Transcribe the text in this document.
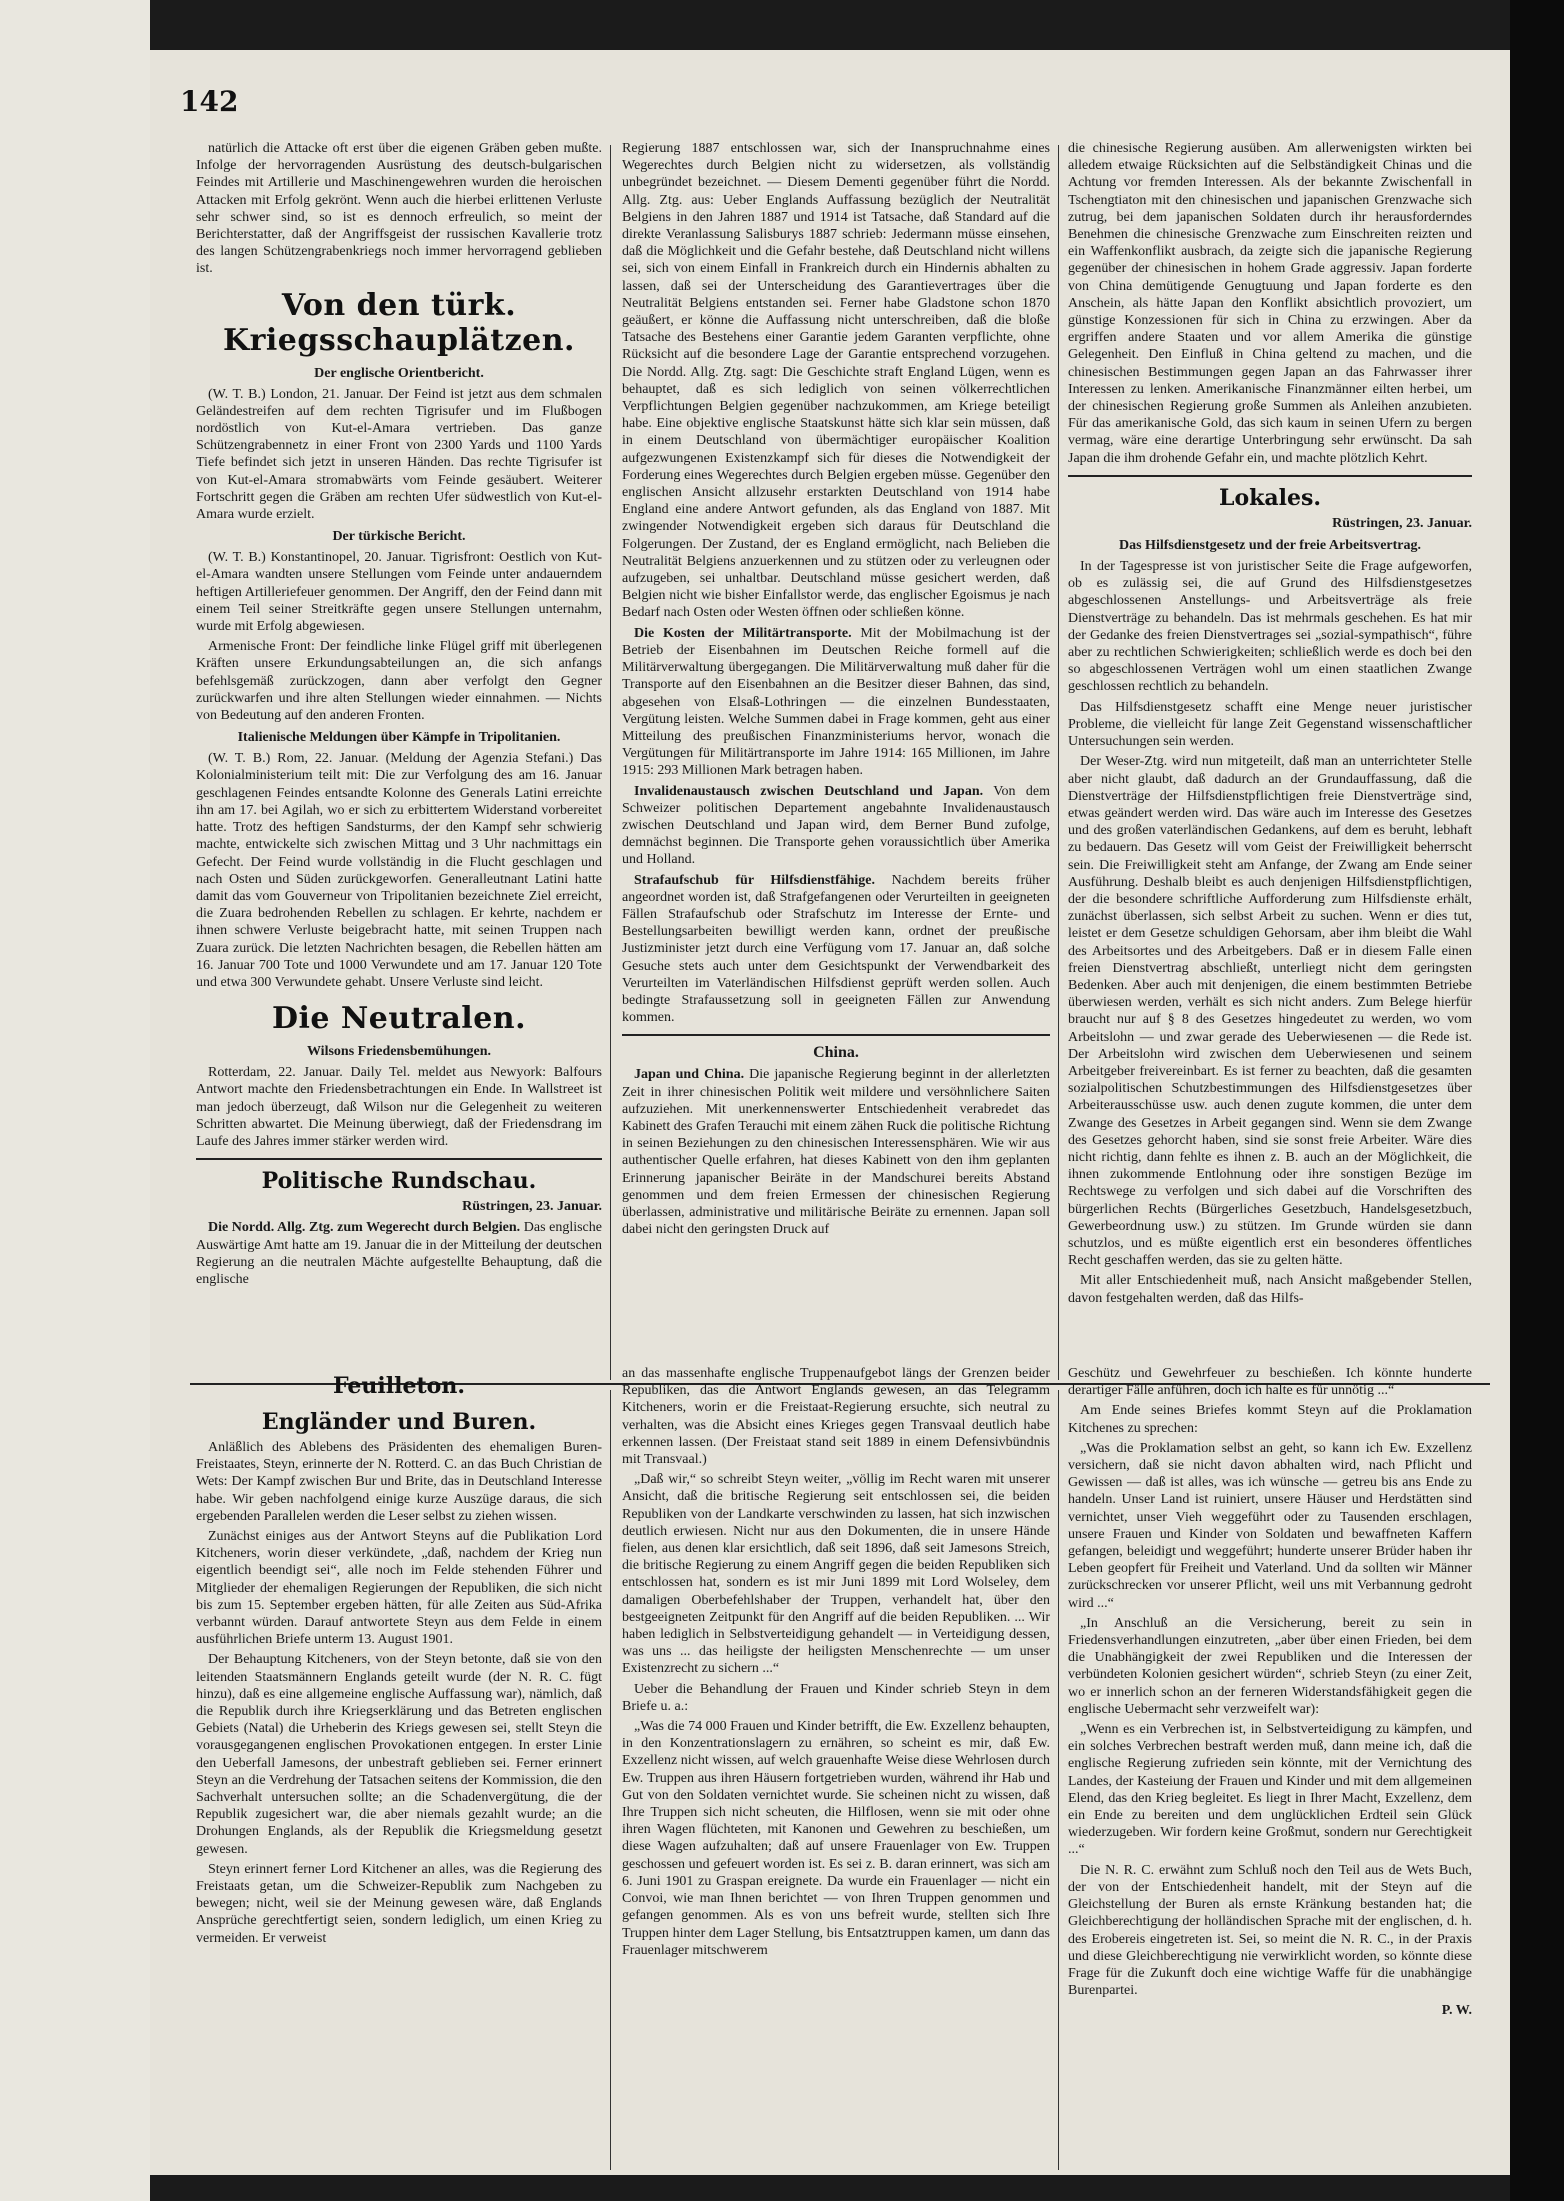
142

natürlich die Attacke oft erst über die eigenen Gräben geben mußte. Infolge der hervorragenden Ausrüstung des deutsch-bulgarischen Feindes mit Artillerie und Maschinengewehren wurden die heroischen Attacken mit Erfolg gekrönt. Wenn auch die hierbei erlittenen Verluste sehr schwer sind, so ist es dennoch erfreulich, so meint der Berichterstatter, daß der Angriffsgeist der russischen Kavallerie trotz des langen Schützengrabenkriegs noch immer hervorragend geblieben ist.

Von den türk. Kriegsschauplätzen.
Der englische Orientbericht.

(W. T. B.) London, 21. Januar. Der Feind ist jetzt aus dem schmalen Geländestreifen auf dem rechten Tigrisufer und im Flußbogen nordöstlich von Kut-el-Amara vertrieben. Das ganze Schützengrabennetz in einer Front von 2300 Yards und 1100 Yards Tiefe befindet sich jetzt in unseren Händen. Das rechte Tigrisufer ist von Kut-el-Amara stromabwärts vom Feinde gesäubert. Weiterer Fortschritt gegen die Gräben am rechten Ufer südwestlich von Kut-el-Amara wurde erzielt.

Der türkische Bericht.

(W. T. B.) Konstantinopel, 20. Januar. Tigrisfront: Oestlich von Kut-el-Amara wandten unsere Stellungen vom Feinde unter andauerndem heftigen Artilleriefeuer genommen. Der Angriff, den der Feind dann mit einem Teil seiner Streitkräfte gegen unsere Stellungen unternahm, wurde mit Erfolg abgewiesen.

Armenische Front: Der feindliche linke Flügel griff mit überlegenen Kräften unsere Erkundungsabteilungen an, die sich anfangs befehlsgemäß zurückzogen, dann aber verfolgt den Gegner zurückwarfen und ihre alten Stellungen wieder einnahmen. — Nichts von Bedeutung auf den anderen Fronten.

Italienische Meldungen über Kämpfe in Tripolitanien.

(W. T. B.) Rom, 22. Januar. (Meldung der Agenzia Stefani.) Das Kolonialministerium teilt mit: Die zur Verfolgung des am 16. Januar geschlagenen Feindes entsandte Kolonne des Generals Latini erreichte ihn am 17. bei Agilah, wo er sich zu erbittertem Widerstand vorbereitet hatte. Trotz des heftigen Sandsturms, der den Kampf sehr schwierig machte, entwickelte sich zwischen Mittag und 3 Uhr nachmittags ein Gefecht. Der Feind wurde vollständig in die Flucht geschlagen und nach Osten und Süden zurückgeworfen. Generalleutnant Latini hatte damit das vom Gouverneur von Tripolitanien bezeichnete Ziel erreicht, die Zuara bedrohenden Rebellen zu schlagen. Er kehrte, nachdem er ihnen schwere Verluste beigebracht hatte, mit seinen Truppen nach Zuara zurück. Die letzten Nachrichten besagen, die Rebellen hätten am 16. Januar 700 Tote und 1000 Verwundete und am 17. Januar 120 Tote und etwa 300 Verwundete gehabt. Unsere Verluste sind leicht.

Die Neutralen.
Wilsons Friedensbemühungen.

Rotterdam, 22. Januar. Daily Tel. meldet aus Newyork: Balfours Antwort machte den Friedensbetrachtungen ein Ende. In Wallstreet ist man jedoch überzeugt, daß Wilson nur die Gelegenheit zu weiteren Schritten abwartet. Die Meinung überwiegt, daß der Friedensdrang im Laufe des Jahres immer stärker werden wird.

Politische Rundschau.
Rüstringen, 23. Januar.

Die Nordd. Allg. Ztg. zum Wegerecht durch Belgien. Das englische Auswärtige Amt hatte am 19. Januar die in der Mitteilung der deutschen Regierung an die neutralen Mächte aufgestellte Behauptung, daß die englische

Regierung 1887 entschlossen war, sich der Inanspruchnahme eines Wegerechtes durch Belgien nicht zu widersetzen, als vollständig unbegründet bezeichnet. — Diesem Dementi gegenüber führt die Nordd. Allg. Ztg. aus: Ueber Englands Auffassung bezüglich der Neutralität Belgiens in den Jahren 1887 und 1914 ist Tatsache, daß Standard auf die direkte Veranlassung Salisburys 1887 schrieb: Jedermann müsse einsehen, daß die Möglichkeit und die Gefahr bestehe, daß Deutschland nicht willens sei, sich von einem Einfall in Frankreich durch ein Hindernis abhalten zu lassen, daß sei der Unterscheidung des Garantievertrages über die Neutralität Belgiens entstanden sei. Ferner habe Gladstone schon 1870 geäußert, er könne die Auffassung nicht unterschreiben, daß die bloße Tatsache des Bestehens einer Garantie jedem Garanten verpflichte, ohne Rücksicht auf die besondere Lage der Garantie entsprechend vorzugehen. Die Nordd. Allg. Ztg. sagt: Die Geschichte straft England Lügen, wenn es behauptet, daß es sich lediglich von seinen völkerrechtlichen Verpflichtungen Belgien gegenüber nachzukommen, am Kriege beteiligt habe. Eine objektive englische Staatskunst hätte sich klar sein müssen, daß in einem Deutschland von übermächtiger europäischer Koalition aufgezwungenen Existenzkampf sich für dieses die Notwendigkeit der Forderung eines Wegerechtes durch Belgien ergeben müsse. Gegenüber den englischen Ansicht allzusehr erstarkten Deutschland von 1914 habe England eine andere Antwort gefunden, als das England von 1887. Mit zwingender Notwendigkeit ergeben sich daraus für Deutschland die Folgerungen. Der Zustand, der es England ermöglicht, nach Belieben die Neutralität Belgiens anzuerkennen und zu stützen oder zu verleugnen oder aufzugeben, sei unhaltbar. Deutschland müsse gesichert werden, daß Belgien nicht wie bisher Einfallstor werde, das englischer Egoismus je nach Bedarf nach Osten oder Westen öffnen oder schließen könne.

Die Kosten der Militärtransporte. Mit der Mobilmachung ist der Betrieb der Eisenbahnen im Deutschen Reiche formell auf die Militärverwaltung übergegangen. Die Militärverwaltung muß daher für die Transporte auf den Eisenbahnen an die Besitzer dieser Bahnen, das sind, abgesehen von Elsaß-Lothringen — die einzelnen Bundesstaaten, Vergütung leisten. Welche Summen dabei in Frage kommen, geht aus einer Mitteilung des preußischen Finanzministeriums hervor, wonach die Vergütungen für Militärtransporte im Jahre 1914: 165 Millionen, im Jahre 1915: 293 Millionen Mark betragen haben.

Invalidenaustausch zwischen Deutschland und Japan. Von dem Schweizer politischen Departement angebahnte Invalidenaustausch zwischen Deutschland und Japan wird, dem Berner Bund zufolge, demnächst beginnen. Die Transporte gehen voraussichtlich über Amerika und Holland.

Strafaufschub für Hilfsdienstfähige. Nachdem bereits früher angeordnet worden ist, daß Strafgefangenen oder Verurteilten in geeigneten Fällen Strafaufschub oder Strafschutz im Interesse der Ernte- und Bestellungsarbeiten bewilligt werden kann, ordnet der preußische Justizminister jetzt durch eine Verfügung vom 17. Januar an, daß solche Gesuche stets auch unter dem Gesichtspunkt der Verwendbarkeit des Verurteilten im Vaterländischen Hilfsdienst geprüft werden sollen. Auch bedingte Strafaussetzung soll in geeigneten Fällen zur Anwendung kommen.

China.

Japan und China. Die japanische Regierung beginnt in der allerletzten Zeit in ihrer chinesischen Politik weit mildere und versöhnlichere Saiten aufzuziehen. Mit unerkennenswerter Entschiedenheit verabredet das Kabinett des Grafen Terauchi mit einem zähen Ruck die politische Richtung in seinen Beziehungen zu den chinesischen Interessensphären. Wie wir aus authentischer Quelle erfahren, hat dieses Kabinett von den ihm geplanten Erinnerung japanischer Beiräte in der Mandschurei bereits Abstand genommen und dem freien Ermessen der chinesischen Regierung überlassen, administrative und militärische Beiräte zu ernennen. Japan soll dabei nicht den geringsten Druck auf

die chinesische Regierung ausüben. Am allerwenigsten wirkten bei alledem etwaige Rücksichten auf die Selbständigkeit Chinas und die Achtung vor fremden Interessen. Als der bekannte Zwischenfall in Tschengtiaton mit den chinesischen und japanischen Grenzwache sich zutrug, bei dem japanischen Soldaten durch ihr herausforderndes Benehmen die chinesische Grenzwache zum Einschreiten reizten und ein Waffenkonflikt ausbrach, da zeigte sich die japanische Regierung gegenüber der chinesischen in hohem Grade aggressiv. Japan forderte von China demütigende Genugtuung und Japan forderte es den Anschein, als hätte Japan den Konflikt absichtlich provoziert, um günstige Konzessionen für sich in China zu erzwingen. Aber da ergriffen andere Staaten und vor allem Amerika die günstige Gelegenheit. Den Einfluß in China geltend zu machen, und die chinesischen Bestimmungen gegen Japan an das Fahrwasser ihrer Interessen zu lenken. Amerikanische Finanzmänner eilten herbei, um der chinesischen Regierung große Summen als Anleihen anzubieten. Für das amerikanische Gold, das sich kaum in seinen Ufern zu bergen vermag, wäre eine derartige Unterbringung sehr erwünscht. Da sah Japan die ihm drohende Gefahr ein, und machte plötzlich Kehrt.

Lokales.
Rüstringen, 23. Januar.
Das Hilfsdienstgesetz und der freie Arbeitsvertrag.

In der Tagespresse ist von juristischer Seite die Frage aufgeworfen, ob es zulässig sei, die auf Grund des Hilfsdienstgesetzes abgeschlossenen Anstellungs- und Arbeitsverträge als freie Dienstverträge zu behandeln. Das ist mehrmals geschehen. Es hat mir der Gedanke des freien Dienstvertrages sei „sozial-sympathisch“, führe aber zu rechtlichen Schwierigkeiten; schließlich werde es doch bei den so abgeschlossenen Verträgen wohl um einen staatlichen Zwange geschlossen rechtlich zu behandeln.

Das Hilfsdienstgesetz schafft eine Menge neuer juristischer Probleme, die vielleicht für lange Zeit Gegenstand wissenschaftlicher Untersuchungen sein werden.

Der Weser-Ztg. wird nun mitgeteilt, daß man an unterrichteter Stelle aber nicht glaubt, daß dadurch an der Grundauffassung, daß die Dienstverträge der Hilfsdienstpflichtigen freie Dienstverträge sind, etwas geändert werden wird. Das wäre auch im Interesse des Gesetzes und des großen vaterländischen Gedankens, auf dem es beruht, lebhaft zu bedauern. Das Gesetz will vom Geist der Freiwilligkeit beherrscht sein. Die Freiwilligkeit steht am Anfange, der Zwang am Ende seiner Ausführung. Deshalb bleibt es auch denjenigen Hilfsdienstpflichtigen, der die besondere schriftliche Aufforderung zum Hilfsdienste erhält, zunächst überlassen, sich selbst Arbeit zu suchen. Wenn er dies tut, leistet er dem Gesetze schuldigen Gehorsam, aber ihm bleibt die Wahl des Arbeitsortes und des Arbeitgebers. Daß er in diesem Falle einen freien Dienstvertrag abschließt, unterliegt nicht dem geringsten Bedenken. Aber auch mit denjenigen, die einem bestimmten Betriebe überwiesen werden, verhält es sich nicht anders. Zum Belege hierfür braucht nur auf § 8 des Gesetzes hingedeutet zu werden, wo vom Arbeitslohn — und zwar gerade des Ueberwiesenen — die Rede ist. Der Arbeitslohn wird zwischen dem Ueberwiesenen und seinem Arbeitgeber freivereinbart. Es ist ferner zu beachten, daß die gesamten sozialpolitischen Schutzbestimmungen des Hilfsdienstgesetzes über Arbeiterausschüsse usw. auch denen zugute kommen, die unter dem Zwange des Gesetzes in Arbeit gegangen sind. Wenn sie dem Zwange des Gesetzes gehorcht haben, sind sie sonst freie Arbeiter. Wäre dies nicht richtig, dann fehlte es ihnen z. B. auch an der Möglichkeit, die ihnen zukommende Entlohnung oder ihre sonstigen Bezüge im Rechtswege zu verfolgen und sich dabei auf die Vorschriften des bürgerlichen Rechts (Bürgerliches Gesetzbuch, Handelsgesetzbuch, Gewerbeordnung usw.) zu stützen. Im Grunde würden sie dann schutzlos, und es müßte eigentlich erst ein besonderes öffentliches Recht geschaffen werden, das sie zu gelten hätte.

Mit aller Entschiedenheit muß, nach Ansicht maßgebender Stellen, davon festgehalten werden, daß das Hilfs-

Feuilleton.
Engländer und Buren.

Anläßlich des Ablebens des Präsidenten des ehemaligen Buren-Freistaates, Steyn, erinnerte der N. Rotterd. C. an das Buch Christian de Wets: Der Kampf zwischen Bur und Brite, das in Deutschland Interesse habe. Wir geben nachfolgend einige kurze Auszüge daraus, die sich ergebenden Parallelen werden die Leser selbst zu ziehen wissen.

Zunächst einiges aus der Antwort Steyns auf die Publikation Lord Kitcheners, worin dieser verkündete, „daß, nachdem der Krieg nun eigentlich beendigt sei“, alle noch im Felde stehenden Führer und Mitglieder der ehemaligen Regierungen der Republiken, die sich nicht bis zum 15. September ergeben hätten, für alle Zeiten aus Süd-Afrika verbannt würden. Darauf antwortete Steyn aus dem Felde in einem ausführlichen Briefe unterm 13. August 1901.

Der Behauptung Kitcheners, von der Steyn betonte, daß sie von den leitenden Staatsmännern Englands geteilt wurde (der N. R. C. fügt hinzu), daß es eine allgemeine englische Auffassung war), nämlich, daß die Republik durch ihre Kriegserklärung und das Betreten englischen Gebiets (Natal) die Urheberin des Kriegs gewesen sei, stellt Steyn die vorausgegangenen englischen Provokationen entgegen. In erster Linie den Ueberfall Jamesons, der unbestraft geblieben sei. Ferner erinnert Steyn an die Verdrehung der Tatsachen seitens der Kommission, die den Sachverhalt untersuchen sollte; an die Schadenvergütung, die der Republik zugesichert war, die aber niemals gezahlt wurde; an die Drohungen Englands, als der Republik die Kriegsmeldung gesetzt gewesen.

Steyn erinnert ferner Lord Kitchener an alles, was die Regierung des Freistaats getan, um die Schweizer-Republik zum Nachgeben zu bewegen; nicht, weil sie der Meinung gewesen wäre, daß Englands Ansprüche gerechtfertigt seien, sondern lediglich, um einen Krieg zu vermeiden. Er verweist

an das massenhafte englische Truppenaufgebot längs der Grenzen beider Republiken, das die Antwort Englands gewesen, an das Telegramm Kitcheners, worin er die Freistaat-Regierung ersuchte, sich neutral zu verhalten, was die Absicht eines Krieges gegen Transvaal deutlich habe erkennen lassen. (Der Freistaat stand seit 1889 in einem Defensivbündnis mit Transvaal.)

„Daß wir,“ so schreibt Steyn weiter, „völlig im Recht waren mit unserer Ansicht, daß die britische Regierung seit entschlossen sei, die beiden Republiken von der Landkarte verschwinden zu lassen, hat sich inzwischen deutlich erwiesen. Nicht nur aus den Dokumenten, die in unsere Hände fielen, aus denen klar ersichtlich, daß seit 1896, daß seit Jamesons Streich, die britische Regierung zu einem Angriff gegen die beiden Republiken sich entschlossen hat, sondern es ist mir Juni 1899 mit Lord Wolseley, dem damaligen Oberbefehlshaber der Truppen, verhandelt hat, über den bestgeeigneten Zeitpunkt für den Angriff auf die beiden Republiken. ... Wir haben lediglich in Selbstverteidigung gehandelt — in Verteidigung dessen, was uns ... das heiligste der heiligsten Menschenrechte — um unser Existenzrecht zu sichern ...“

Ueber die Behandlung der Frauen und Kinder schrieb Steyn in dem Briefe u. a.:

„Was die 74 000 Frauen und Kinder betrifft, die Ew. Exzellenz behaupten, in den Konzentrationslagern zu ernähren, so scheint es mir, daß Ew. Exzellenz nicht wissen, auf welch grauenhafte Weise diese Wehrlosen durch Ew. Truppen aus ihren Häusern fortgetrieben wurden, während ihr Hab und Gut von den Soldaten vernichtet wurde. Sie scheinen nicht zu wissen, daß Ihre Truppen sich nicht scheuten, die Hilflosen, wenn sie mit oder ohne ihren Wagen flüchteten, mit Kanonen und Gewehren zu beschießen, um diese Wagen aufzuhalten; daß auf unsere Frauenlager von Ew. Truppen geschossen und gefeuert worden ist. Es sei z. B. daran erinnert, was sich am 6. Juni 1901 zu Graspan ereignete. Da wurde ein Frauenlager — nicht ein Convoi, wie man Ihnen berichtet — von Ihren Truppen genommen und gefangen genommen. Als es von uns befreit wurde, stellten sich Ihre Truppen hinter dem Lager Stellung, bis Entsatztruppen kamen, um dann das Frauenlager mitschwerem

Geschütz und Gewehrfeuer zu beschießen. Ich könnte hunderte derartiger Fälle anführen, doch ich halte es für unnötig ...“

Am Ende seines Briefes kommt Steyn auf die Proklamation Kitchenes zu sprechen:

„Was die Proklamation selbst an geht, so kann ich Ew. Exzellenz versichern, daß sie nicht davon abhalten wird, nach Pflicht und Gewissen — daß ist alles, was ich wünsche — getreu bis ans Ende zu handeln. Unser Land ist ruiniert, unsere Häuser und Herdstätten sind vernichtet, unser Vieh weggeführt oder zu Tausenden erschlagen, unsere Frauen und Kinder von Soldaten und bewaffneten Kaffern gefangen, beleidigt und weggeführt; hunderte unserer Brüder haben ihr Leben geopfert für Freiheit und Vaterland. Und da sollten wir Männer zurückschrecken vor unserer Pflicht, weil uns mit Verbannung gedroht wird ...“

„In Anschluß an die Versicherung, bereit zu sein in Friedensverhandlungen einzutreten, „aber über einen Frieden, bei dem die Unabhängigkeit der zwei Republiken und die Interessen der verbündeten Kolonien gesichert würden“, schrieb Steyn (zu einer Zeit, wo er innerlich schon an der ferneren Widerstandsfähigkeit gegen die englische Uebermacht sehr verzweifelt war):

„Wenn es ein Verbrechen ist, in Selbstverteidigung zu kämpfen, und ein solches Verbrechen bestraft werden muß, dann meine ich, daß die englische Regierung zufrieden sein könnte, mit der Vernichtung des Landes, der Kasteiung der Frauen und Kinder und mit dem allgemeinen Elend, das den Krieg begleitet. Es liegt in Ihrer Macht, Exzellenz, dem ein Ende zu bereiten und dem unglücklichen Erdteil sein Glück wiederzugeben. Wir fordern keine Großmut, sondern nur Gerechtigkeit ...“

Die N. R. C. erwähnt zum Schluß noch den Teil aus de Wets Buch, der von der Entschiedenheit handelt, mit der Steyn auf die Gleichstellung der Buren als ernste Kränkung bestanden hat; die Gleichberechtigung der holländischen Sprache mit der englischen, d. h. des Erobereis eingetreten ist. Sei, so meint die N. R. C., in der Praxis und diese Gleichberechtigung nie verwirklicht worden, so könnte diese Frage für die Zukunft doch eine wichtige Waffe für die unabhängige Burenpartei.

P. W.
